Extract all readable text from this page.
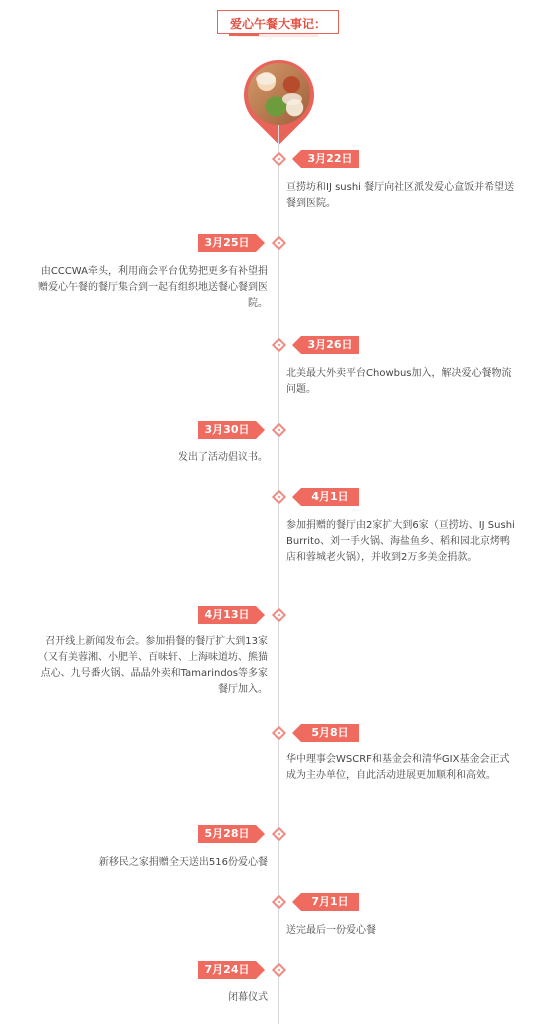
爱心午餐大事记：
3月22日
亘捞坊和IJ sushi 餐厅向社区派发爱心盒饭并希望送餐到医院。
3月25日
由CCCWA牵头，利用商会平台优势把更多有补望捐赠爱心午餐的餐厅集合到一起有组织地送餐心餐到医院。
3月26日
北美最大外卖平台Chowbus加入，解决爱心餐物流问题。
3月30日
发出了活动倡议书。
4月1日
参加捐赠的餐厅由2家扩大到6家（亘捞坊、IJ Sushi Burrito、刘一手火锅、海盐鱼乡、稻和园北京烤鸭店和蓉城老火锅），并收到2万多美金捐款。
4月13日
召开线上新闻发布会。参加捐餐的餐厅扩大到13家（又有美蓉湘、小肥羊、百味轩、上海味道坊、熊猫点心、九号番火锅、晶晶外卖和Tamarindos等多家餐厅加入。
5月8日
华中理事会WSCRF和基金会和清华GIX基金会正式成为主办单位，自此活动进展更加顺利和高效。
5月28日
新移民之家捐赠全天送出516份爱心餐
7月1日
送完最后一份爱心餐
7月24日
闭幕仪式
